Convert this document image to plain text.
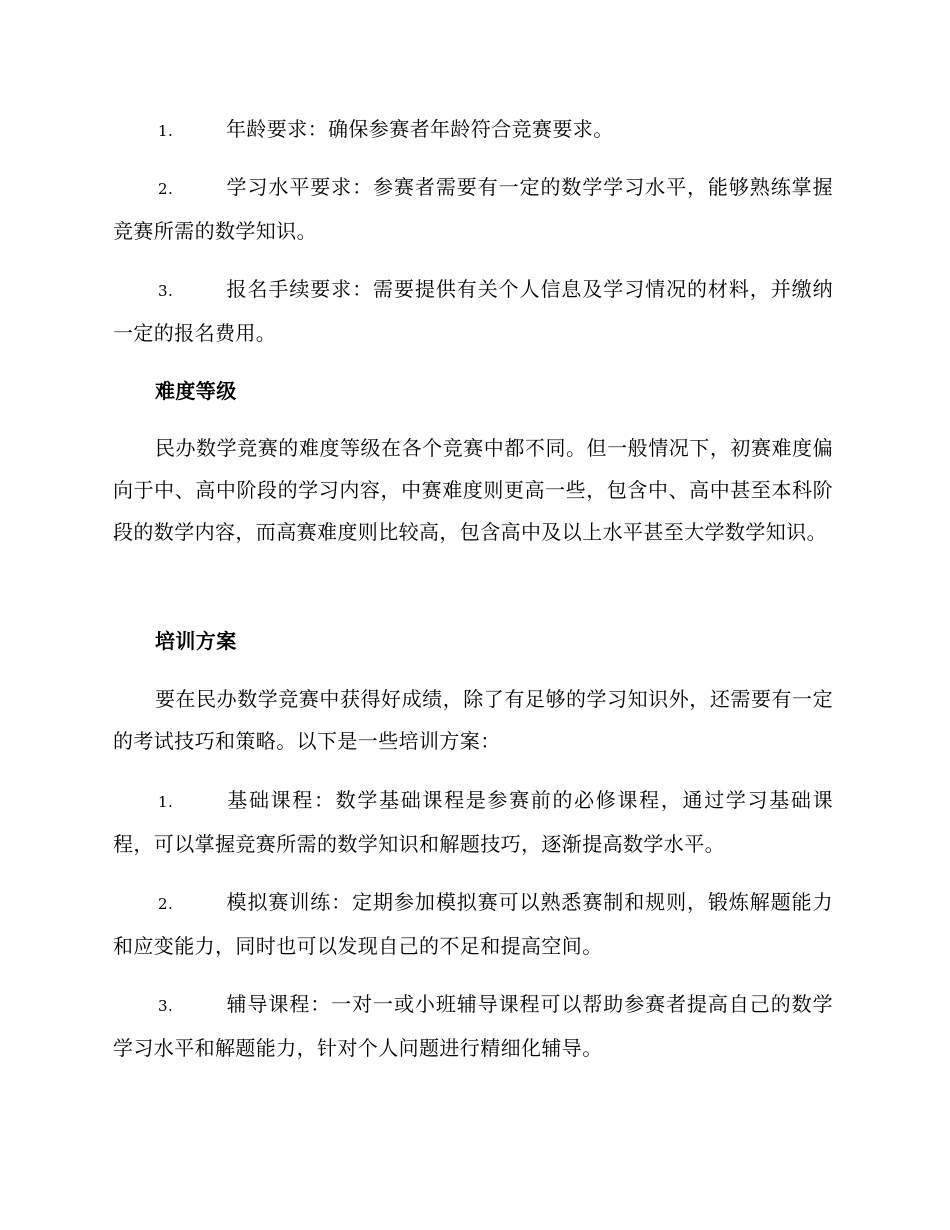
1.	年龄要求：确保参赛者年龄符合竞赛要求。

2.	学习水平要求：参赛者需要有一定的数学学习水平，能够熟练掌握竞赛所需的数学知识。

3.	报名手续要求：需要提供有关个人信息及学习情况的材料，并缴纳一定的报名费用。

难度等级

民办数学竞赛的难度等级在各个竞赛中都不同。但一般情况下，初赛难度偏向于中、高中阶段的学习内容，中赛难度则更高一些，包含中、高中甚至本科阶段的数学内容，而高赛难度则比较高，包含高中及以上水平甚至大学数学知识。

培训方案

要在民办数学竞赛中获得好成绩，除了有足够的学习知识外，还需要有一定的考试技巧和策略。以下是一些培训方案：

1.	基础课程：数学基础课程是参赛前的必修课程，通过学习基础课程，可以掌握竞赛所需的数学知识和解题技巧，逐渐提高数学水平。

2.	模拟赛训练：定期参加模拟赛可以熟悉赛制和规则，锻炼解题能力和应变能力，同时也可以发现自己的不足和提高空间。

3.	辅导课程：一对一或小班辅导课程可以帮助参赛者提高自己的数学学习水平和解题能力，针对个人问题进行精细化辅导。
